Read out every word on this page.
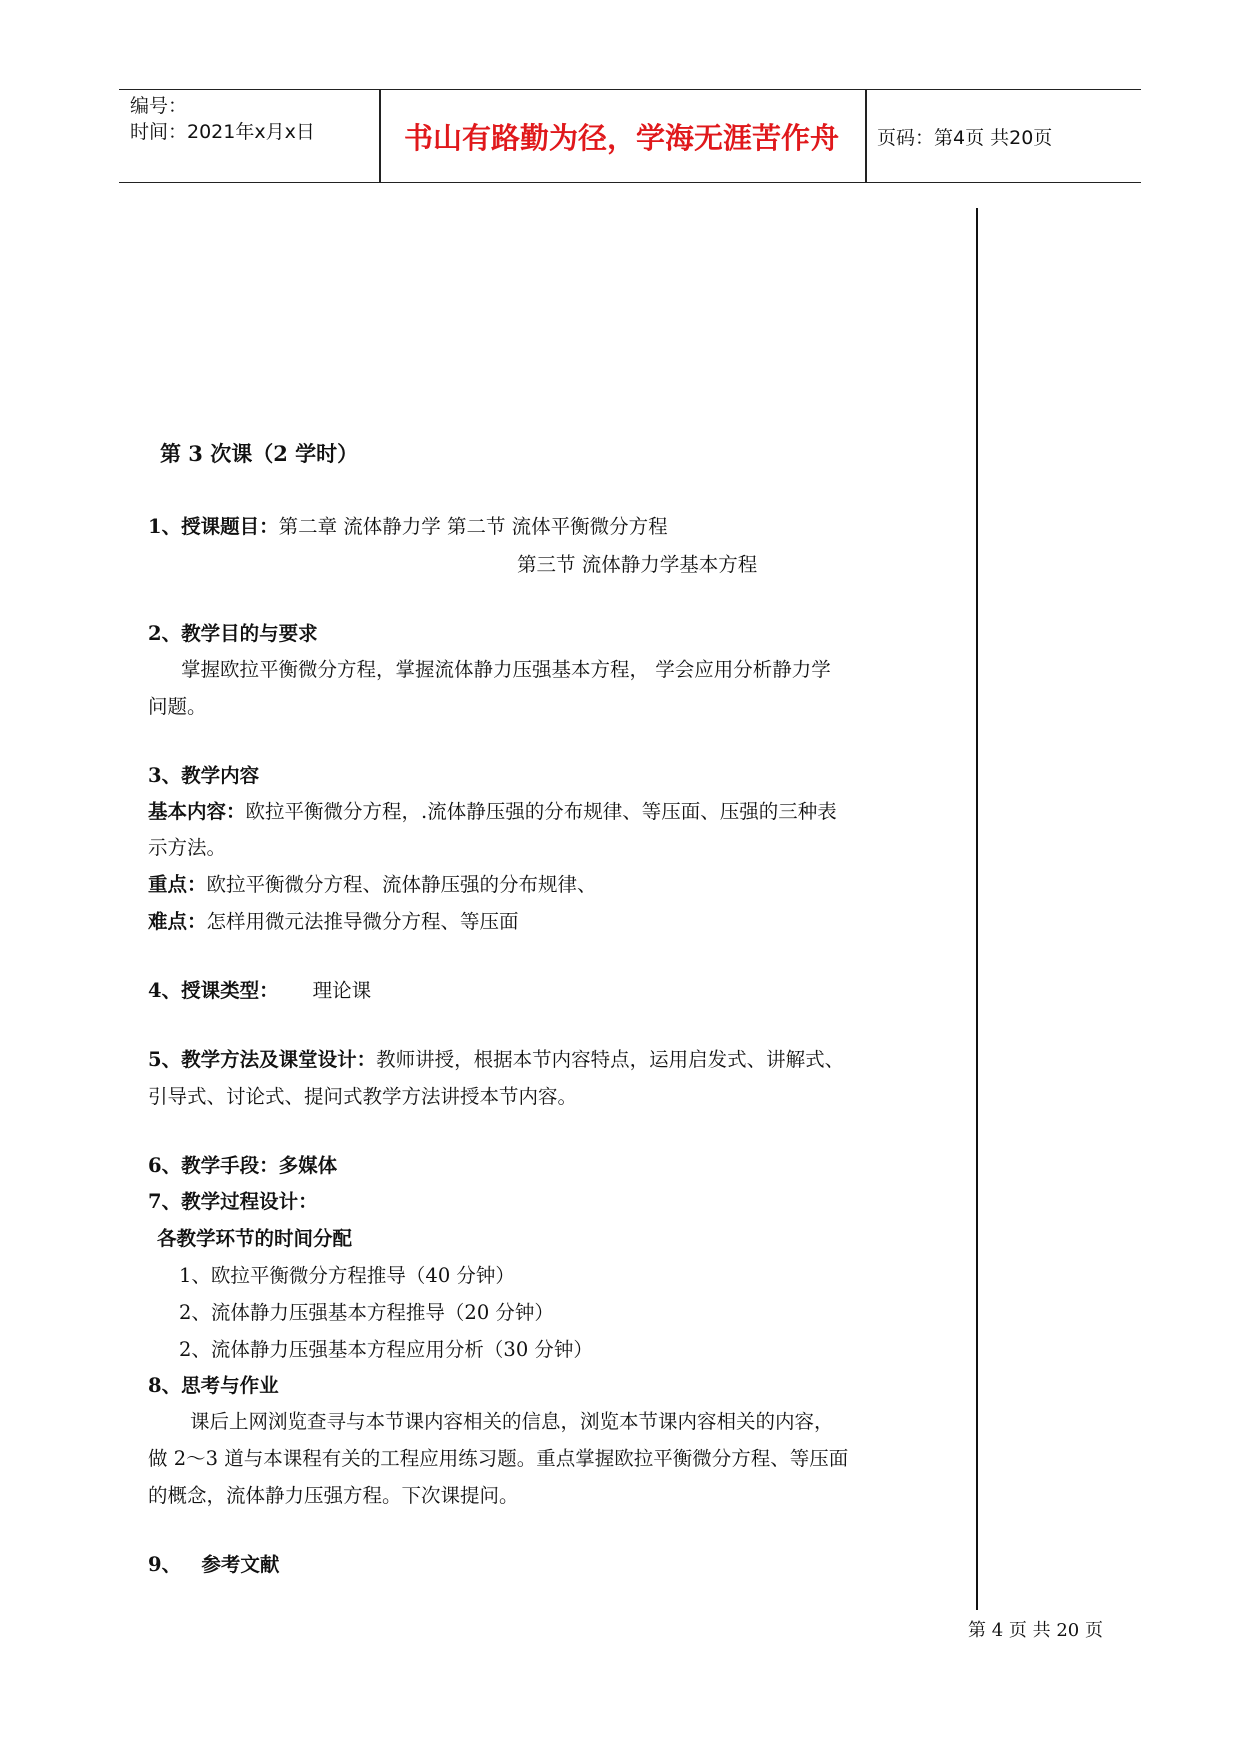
编号：
时间：2021年x月x日	书山有路勤为径，学海无涯苦作舟	页码：第4页 共20页
第 3 次课（2 学时）
1、授课题目：第二章 流体静力学 第二节 流体平衡微分方程
第三节 流体静力学基本方程
2、教学目的与要求
掌握欧拉平衡微分方程，掌握流体静力压强基本方程， 学会应用分析静力学
问题。
3、教学内容
基本内容：欧拉平衡微分方程，.流体静压强的分布规律、等压面、压强的三种表
示方法。
重点：欧拉平衡微分方程、流体静压强的分布规律、
难点：怎样用微元法推导微分方程、等压面
4、授课类型： 理论课
5、教学方法及课堂设计：教师讲授，根据本节内容特点，运用启发式、讲解式、
引导式、讨论式、提问式教学方法讲授本节内容。
6、教学手段：多媒体
7、教学过程设计：
各教学环节的时间分配
1、欧拉平衡微分方程推导（40 分钟）
2、流体静力压强基本方程推导（20 分钟）
2、流体静力压强基本方程应用分析（30 分钟）
8、思考与作业
课后上网浏览查寻与本节课内容相关的信息，浏览本节课内容相关的内容，
做 2～3 道与本课程有关的工程应用练习题。重点掌握欧拉平衡微分方程、等压面
的概念，流体静力压强方程。下次课提问。
9、   参考文献
第 4 页 共 20 页
